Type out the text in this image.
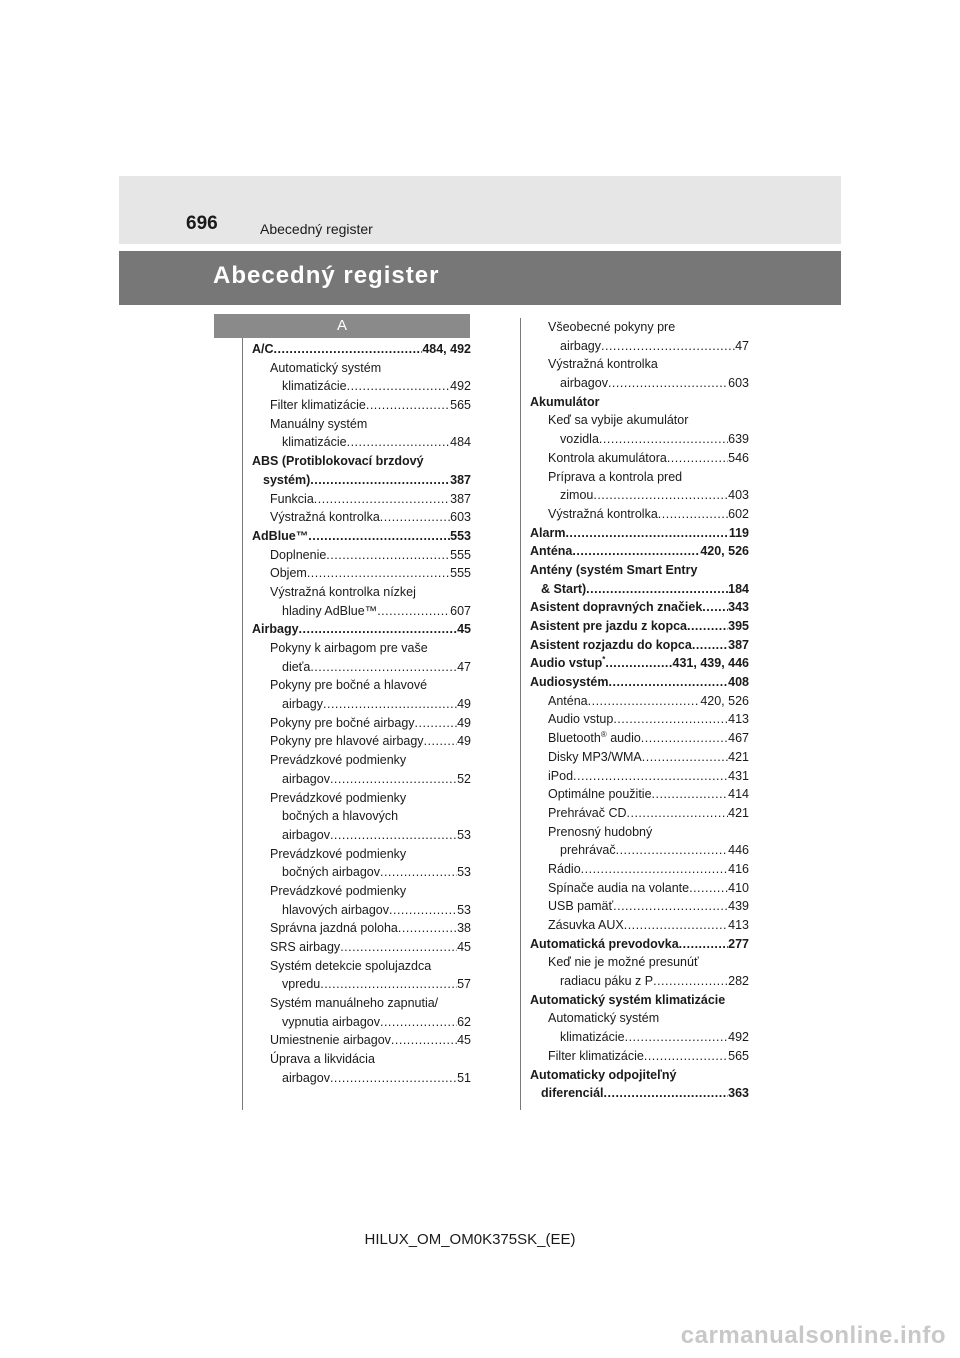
696	Abecedný register
Abecedný register
A
A/C .....	484, 492
Automatický systém
klimatizácie .....	492
Filter klimatizácie .....	565
Manuálny systém
klimatizácie .....	484
ABS (Protiblokovací brzdový
systém) .....	387
Funkcia .....	387
Výstražná kontrolka .....	603
AdBlue™ .....	553
Doplnenie .....	555
Objem .....	555
Výstražná kontrolka nízkej
hladiny AdBlue™ .....	607
Airbagy .....	45
Pokyny k airbagom pre vaše
dieťa .....	47
Pokyny pre bočné a hlavové
airbagy .....	49
Pokyny pre bočné airbagy .....	49
Pokyny pre hlavové airbagy .....	49
Prevádzkové podmienky
airbagov .....	52
Prevádzkové podmienky
bočných a hlavových
airbagov .....	53
Prevádzkové podmienky
bočných airbagov .....	53
Prevádzkové podmienky
hlavových airbagov .....	53
Správna jazdná poloha .....	38
SRS airbagy .....	45
Systém detekcie spolujazdca
vpredu .....	57
Systém manuálneho zapnutia/
vypnutia airbagov .....	62
Umiestnenie airbagov .....	45
Úprava a likvidácia
airbagov .....	51
Všeobecné pokyny pre
airbagy .....	47
Výstražná kontrolka
airbagov .....	603
Akumulátor
Keď sa vybije akumulátor
vozidla .....	639
Kontrola akumulátora .....	546
Príprava a kontrola pred
zimou .....	403
Výstražná kontrolka .....	602
Alarm .....	119
Anténa .....	420, 526
Antény (systém Smart Entry
& Start) .....	184
Asistent dopravných značiek ..... 343
Asistent pre jazdu z kopca .....	395
Asistent rozjazdu do kopca .....	387
Audio vstup* .....	431, 439, 446
Audiosystém .....	408
Anténa .....	420, 526
Audio vstup .....	413
Bluetooth® audio .....	467
Disky MP3/WMA .....	421
iPod .....	431
Optimálne použitie .....	414
Prehrávač CD .....	421
Prenosný hudobný
prehrávač .....	446
Rádio .....	416
Spínače audia na volante .....	410
USB pamäť .....	439
Zásuvka AUX .....	413
Automatická prevodovka .....	277
Keď nie je možné presunúť
radiacu páku z P .....	282
Automatický systém klimatizácie
Automatický systém
klimatizácie .....	492
Filter klimatizácie .....	565
Automaticky odpojiteľný
diferenciál .....	363
HILUX_OM_OM0K375SK_(EE)
carmanualsonline.info
